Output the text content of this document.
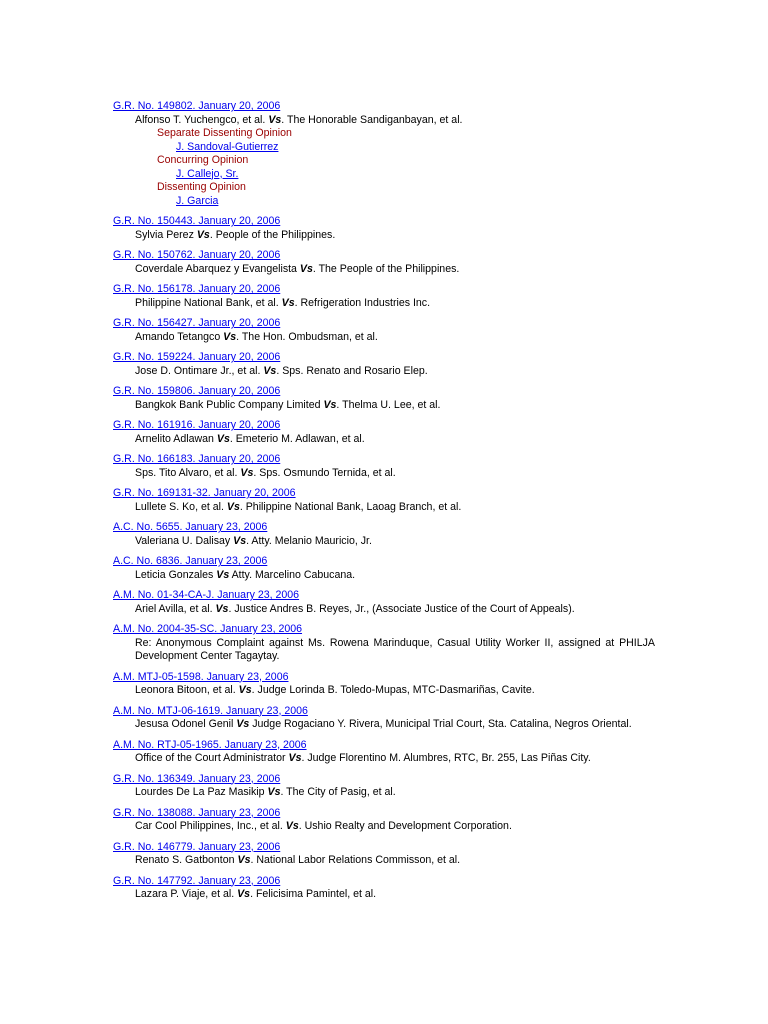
G.R. No. 149802. January 20, 2006
Alfonso T. Yuchengco, et al. Vs. The Honorable Sandiganbayan, et al.
Separate Dissenting Opinion
J. Sandoval-Gutierrez
Concurring Opinion
J. Callejo, Sr.
Dissenting Opinion
J. Garcia
G.R. No. 150443. January 20, 2006
Sylvia Perez Vs. People of the Philippines.
G.R. No. 150762. January 20, 2006
Coverdale Abarquez y Evangelista Vs. The People of the Philippines.
G.R. No. 156178. January 20, 2006
Philippine National Bank, et al. Vs. Refrigeration Industries Inc.
G.R. No. 156427. January 20, 2006
Amando Tetangco Vs. The Hon. Ombudsman, et al.
G.R. No. 159224. January 20, 2006
Jose D. Ontimare Jr., et al. Vs. Sps. Renato and Rosario Elep.
G.R. No. 159806. January 20, 2006
Bangkok Bank Public Company Limited Vs. Thelma U. Lee, et al.
G.R. No. 161916. January 20, 2006
Arnelito Adlawan Vs. Emeterio M. Adlawan, et al.
G.R. No. 166183. January 20, 2006
Sps. Tito Alvaro, et al. Vs. Sps. Osmundo Ternida, et al.
G.R. No. 169131-32. January 20, 2006
Lullete S. Ko, et al. Vs. Philippine National Bank, Laoag Branch, et al.
A.C. No. 5655. January 23, 2006
Valeriana U. Dalisay Vs. Atty. Melanio Mauricio, Jr.
A.C. No. 6836. January 23, 2006
Leticia Gonzales Vs Atty. Marcelino Cabucana.
A.M. No. 01-34-CA-J. January 23, 2006
Ariel Avilla, et al. Vs. Justice Andres B. Reyes, Jr., (Associate Justice of the Court of Appeals).
A.M. No. 2004-35-SC. January 23, 2006
Re: Anonymous Complaint against Ms. Rowena Marinduque, Casual Utility Worker II, assigned at PHILJA Development Center Tagaytay.
A.M. MTJ-05-1598. January 23, 2006
Leonora Bitoon, et al. Vs. Judge Lorinda B. Toledo-Mupas, MTC-Dasmariñas, Cavite.
A.M. No. MTJ-06-1619. January 23, 2006
Jesusa Odonel Genil Vs Judge Rogaciano Y. Rivera, Municipal Trial Court, Sta. Catalina, Negros Oriental.
A.M. No. RTJ-05-1965. January 23, 2006
Office of the Court Administrator Vs. Judge Florentino M. Alumbres, RTC, Br. 255, Las Piñas City.
G.R. No. 136349. January 23, 2006
Lourdes De La Paz Masikip Vs. The City of Pasig, et al.
G.R. No. 138088. January 23, 2006
Car Cool Philippines, Inc., et al. Vs. Ushio Realty and Development Corporation.
G.R. No. 146779. January 23, 2006
Renato S. Gatbonton Vs. National Labor Relations Commisson, et al.
G.R. No. 147792. January 23, 2006
Lazara P. Viaje, et al. Vs. Felicisima Pamintel, et al.
